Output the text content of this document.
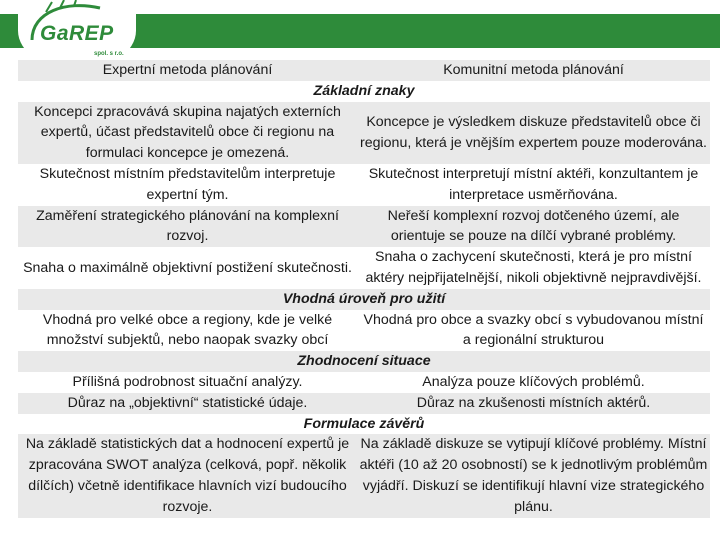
GaREP
spol. s r.o.
Expertní metoda plánování	Komunitní metoda plánování
Základní znaky	
Koncepci zpracovává skupina najatých externích expertů, účast představitelů obce či regionu na formulaci koncepce je omezená.	Koncepce je výsledkem diskuze představitelů obce či regionu, která je vnějším expertem pouze moderována.
Skutečnost místním představitelům interpretuje expertní tým.	Skutečnost interpretují místní aktéři, konzultantem je interpretace usměrňována.
Zaměření strategického plánování na komplexní rozvoj.	Neřeší komplexní rozvoj dotčeného území, ale orientuje se pouze na dílčí vybrané problémy.
Snaha o maximálně objektivní postižení skutečnosti.	Snaha o zachycení skutečnosti, která je pro místní aktéry nejpřijatelnější, nikoli objektivně nejpravdivější.
Vhodná úroveň pro užití	
Vhodná pro velké obce a regiony, kde je velké množství subjektů, nebo naopak svazky obcí	Vhodná pro obce a svazky obcí s vybudovanou místní a regionální strukturou
Zhodnocení situace	
Přílišná podrobnost situační analýzy.	Analýza pouze klíčových problémů.
Důraz na „objektivní“ statistické údaje.	Důraz na zkušenosti místních aktérů.
Formulace závěrů	
Na základě statistických dat a hodnocení expertů je zpracována SWOT analýza (celková, popř. několik dílčích) včetně identifikace hlavních vizí budoucího rozvoje.	Na základě diskuze se vytipují klíčové problémy. Místní aktéři (10 až 20 osobností) se k jednotlivým problémům vyjádří. Diskuzí se identifikují hlavní vize strategického plánu.
